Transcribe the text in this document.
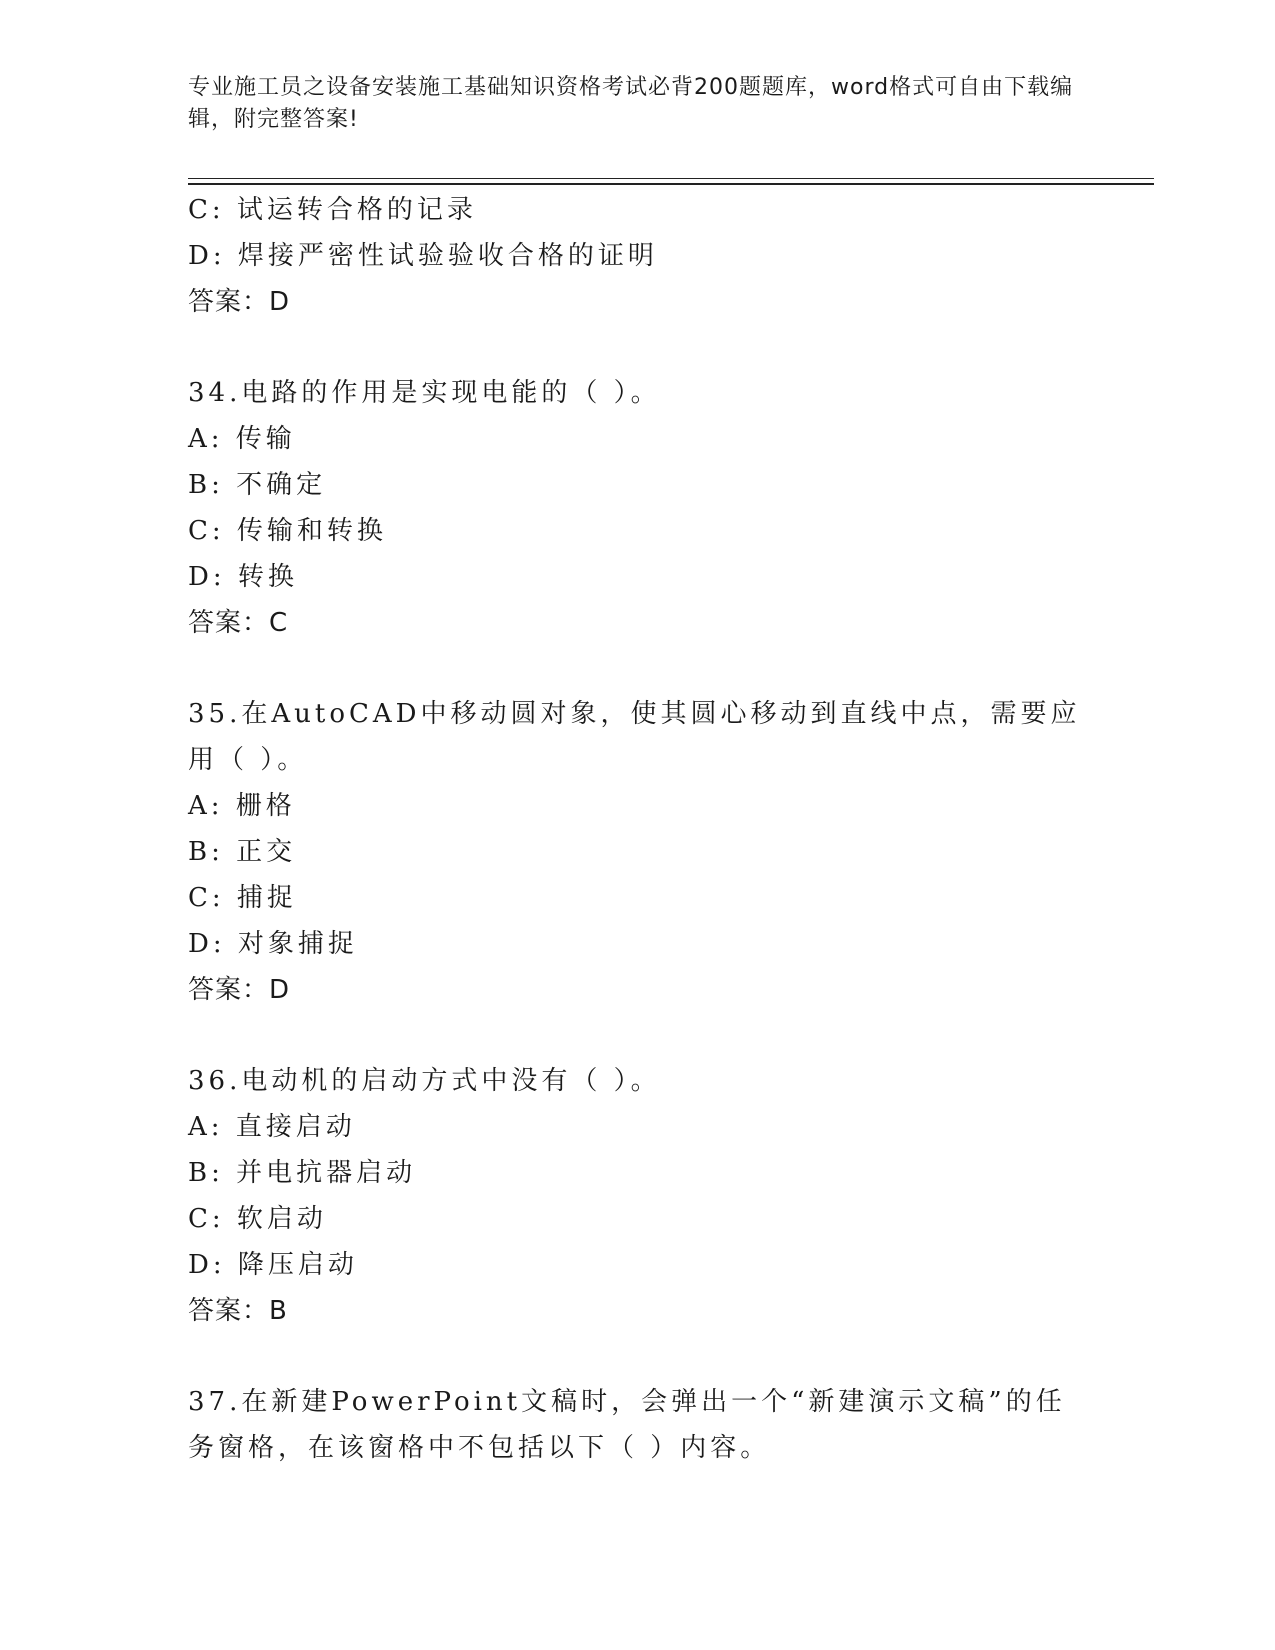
专业施工员之设备安装施工基础知识资格考试必背200题题库，word格式可自由下载编辑，附完整答案!
C: 试运转合格的记录
D: 焊接严密性试验验收合格的证明
答案：D
34.电路的作用是实现电能的（ ）。
A: 传输
B: 不确定
C: 传输和转换
D: 转换
答案：C
35.在AutoCAD中移动圆对象，使其圆心移动到直线中点，需要应用（ ）。
A: 栅格
B: 正交
C: 捕捉
D: 对象捕捉
答案：D
36.电动机的启动方式中没有（ ）。
A: 直接启动
B: 并电抗器启动
C: 软启动
D: 降压启动
答案：B
37.在新建PowerPoint文稿时，会弹出一个“新建演示文稿”的任务窗格，在该窗格中不包括以下（ ）内容。
